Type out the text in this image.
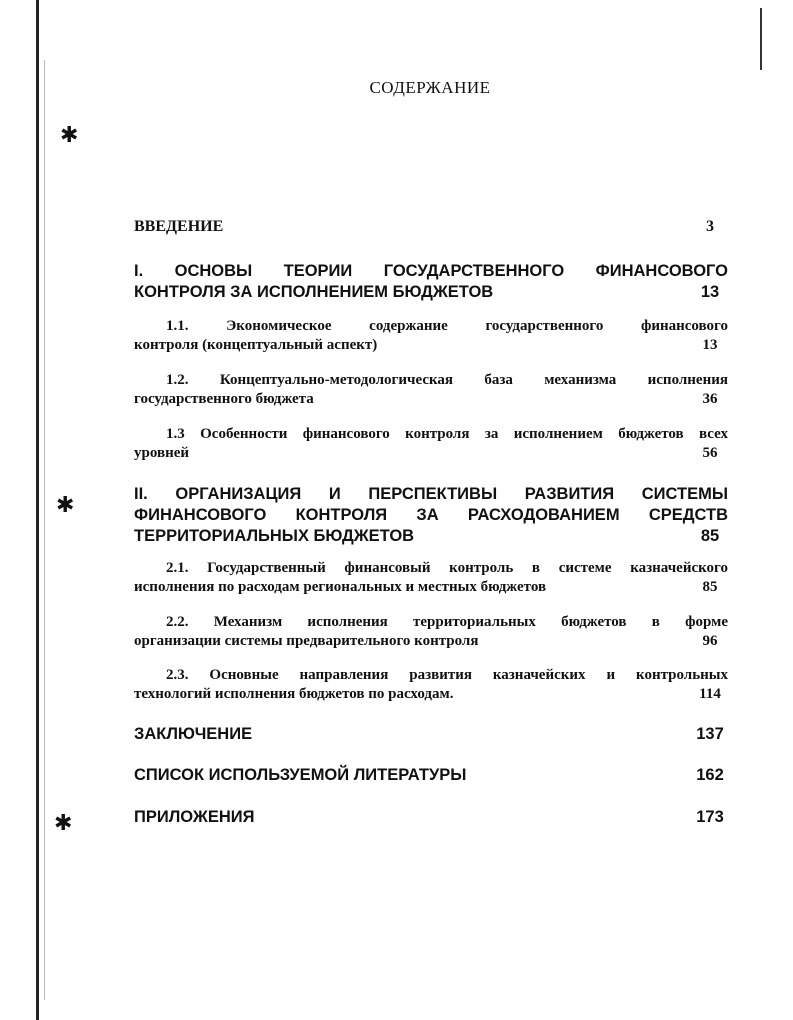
✱
✱
✱
СОДЕРЖАНИЕ
ВВЕДЕНИЕ	3
I. ОСНОВЫ ТЕОРИИ ГОСУДАРСТВЕННОГО ФИНАНСОВОГО
КОНТРОЛЯ ЗА ИСПОЛНЕНИЕМ БЮДЖЕТОВ	13
1.1. Экономическое содержание государственного финансового
контроля (концептуальный аспект)	13
1.2. Концептуально-методологическая база механизма исполнения
государственного бюджета	36
1.3 Особенности финансового контроля за исполнением бюджетов всех
уровней	56
II. ОРГАНИЗАЦИЯ И ПЕРСПЕКТИВЫ РАЗВИТИЯ СИСТЕМЫ
ФИНАНСОВОГО КОНТРОЛЯ ЗА РАСХОДОВАНИЕМ СРЕДСТВ
ТЕРРИТОРИАЛЬНЫХ БЮДЖЕТОВ	85
2.1. Государственный финансовый контроль в системе казначейского
исполнения по расходам региональных и местных бюджетов	85
2.2. Механизм исполнения территориальных бюджетов в форме
организации системы предварительного контроля	96
2.3. Основные направления развития казначейских и контрольных
технологий исполнения бюджетов по расходам.	114
ЗАКЛЮЧЕНИЕ	137
СПИСОК ИСПОЛЬЗУЕМОЙ ЛИТЕРАТУРЫ	162
ПРИЛОЖЕНИЯ	173
